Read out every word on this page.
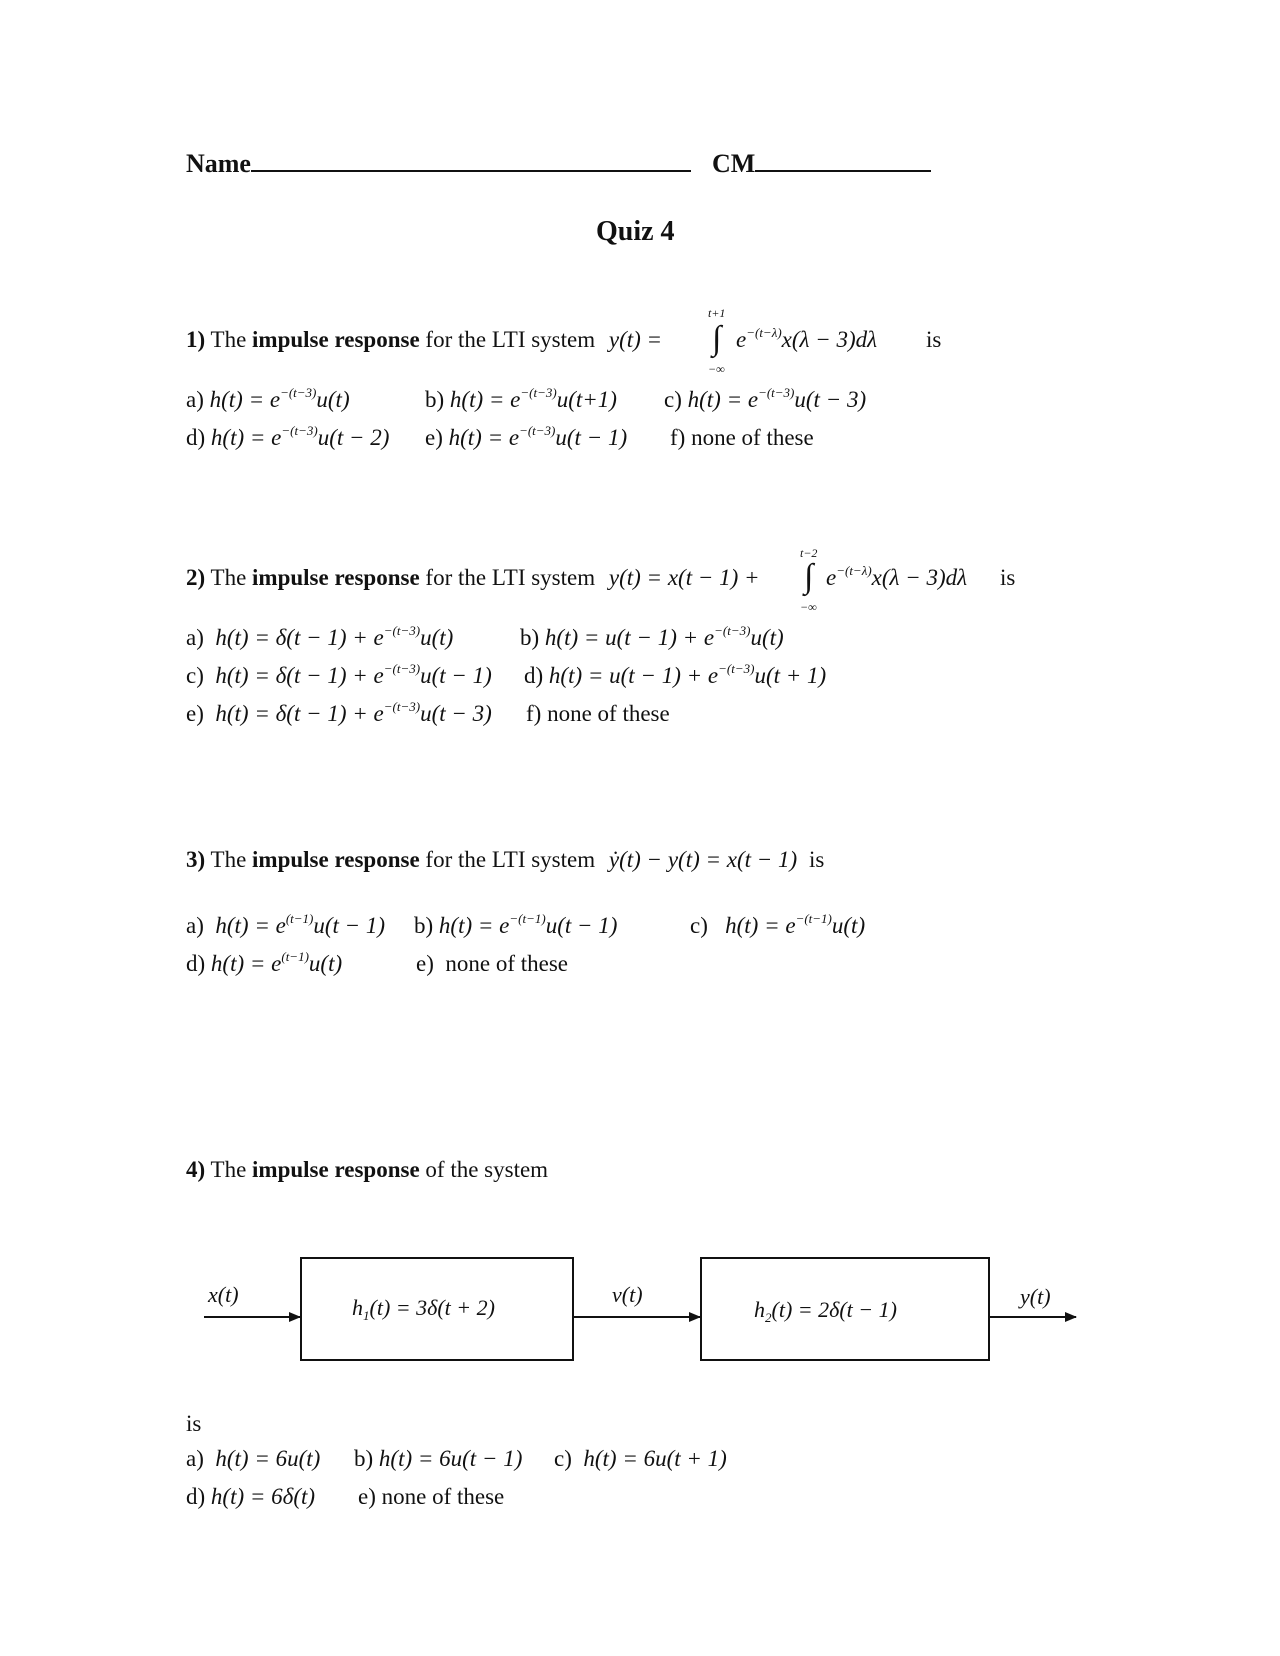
Name	CM
Quiz 4
1) The impulse response for the LTI system y(t) =
t+1
∫
−∞
$e^{-(t-\lambda)}x(\lambda - 3)d\lambda$ is
a) $h(t) = e^{-(t-3)}u(t)$	b) $h(t) = e^{-(t-3)}u(t+1)$ c) $h(t) = e^{-(t-3)}u(t - 3)$
d) $h(t) = e^{-(t-3)}u(t - 2)$ e) $h(t) = e^{-(t-3)}u(t - 1)$ f) none of these
2) The impulse response for the LTI system y(t) = x(t − 1) +
t−2
∫
−∞
$e^{-(t-\lambda)}x(\lambda - 3)d\lambda$ is
a) $h(t) = \delta(t - 1) + e^{-(t-3)}u(t)$	b) $h(t) = u(t - 1) + e^{-(t-3)}u(t)$
c) $h(t) = \delta(t - 1) + e^{-(t-3)}u(t - 1)$ d) $h(t) = u(t - 1) + e^{-(t-3)}u(t + 1)$
e) $h(t) = \delta(t - 1) + e^{-(t-3)}u(t - 3)$ f) none of these
3) The impulse response for the LTI system ẏ(t) − y(t) = x(t − 1) is
a) $h(t) = e^{(t-1)}u(t - 1)$ b) $h(t) = e^{-(t-1)}u(t - 1)$	c) $h(t) = e^{-(t-1)}u(t)$
d) $h(t) = e^{(t-1)}u(t)$	e) none of these
4) The impulse response of the system
x(t)	v(t)	y(t)
$h_1(t) = 3\delta(t + 2)$	$h_2(t) = 2\delta(t - 1)$
is
a) h(t) = 6u(t) b) h(t) = 6u(t − 1) c) h(t) = 6u(t + 1)
d) h(t) = 6δ(t) e) none of these
